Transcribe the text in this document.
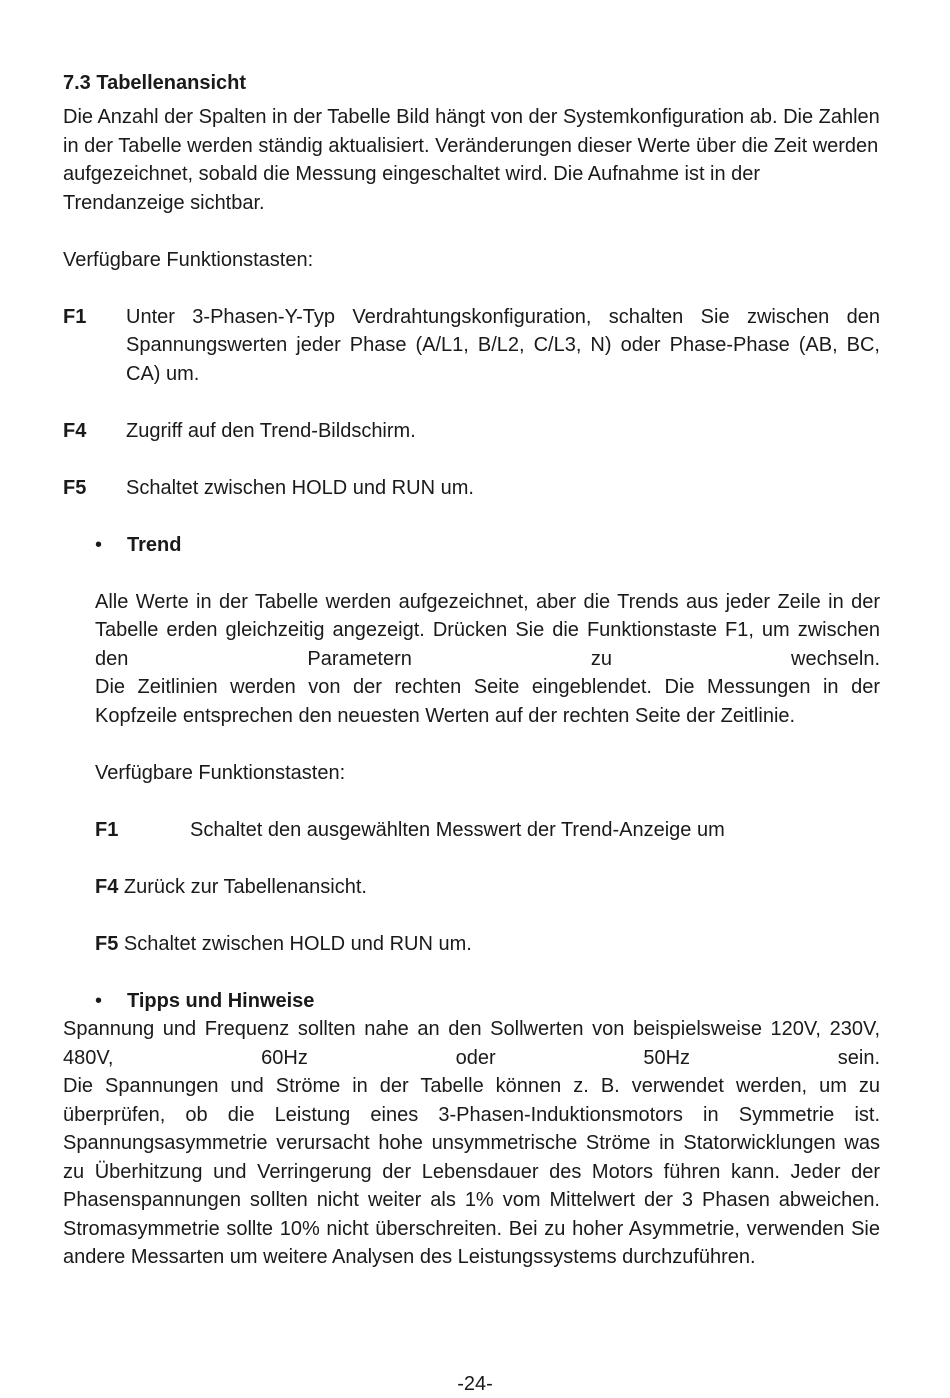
7.3 Tabellenansicht

Die Anzahl der Spalten in der Tabelle Bild hängt von der Systemkonfiguration ab. Die Zahlen in der Tabelle werden ständig aktualisiert. Veränderungen dieser Werte über die Zeit werden aufgezeichnet, sobald die Messung eingeschaltet wird. Die Aufnahme ist in der Trendanzeige sichtbar.

Verfügbare Funktionstasten:

F1	Unter 3-Phasen-Y-Typ Verdrahtungskonfiguration, schalten Sie zwischen den Spannungswerten jeder Phase (A/L1, B/L2, C/L3, N) oder Phase-Phase (AB, BC, CA) um.
F4	Zugriff auf den Trend-Bildschirm.
F5	Schaltet zwischen HOLD und RUN um.
•	Trend

Alle Werte in der Tabelle werden aufgezeichnet, aber die Trends aus jeder Zeile in der Tabelle erden gleichzeitig angezeigt. Drücken Sie die Funktionstaste F1, um zwischen den Parametern zu wechseln.

Die Zeitlinien werden von der rechten Seite eingeblendet. Die Messungen in der Kopfzeile entsprechen den neuesten Werten auf der rechten Seite der Zeitlinie.

Verfügbare Funktionstasten:

F1	Schaltet den ausgewählten Messwert der Trend-Anzeige um

F4 Zurück zur Tabellenansicht.

F5 Schaltet zwischen HOLD und RUN um.

•	Tipps und Hinweise

Spannung und Frequenz sollten nahe an den Sollwerten von beispielsweise 120V, 230V, 480V, 60Hz oder 50Hz sein.

Die Spannungen und Ströme in der Tabelle können z. B. verwendet werden, um zu überprüfen, ob die Leistung eines 3-Phasen-Induktionsmotors in Symmetrie ist. Spannungsasymmetrie verursacht hohe unsymmetrische Ströme in Statorwicklungen was zu Überhitzung und Verringerung der Lebensdauer des Motors führen kann. Jeder der Phasenspannungen sollten nicht weiter als 1% vom Mittelwert der 3 Phasen abweichen. Stromasymmetrie sollte 10% nicht überschreiten. Bei zu hoher Asymmetrie, verwenden Sie andere Messarten um weitere Analysen des Leistungssystems durchzuführen.

-24-
